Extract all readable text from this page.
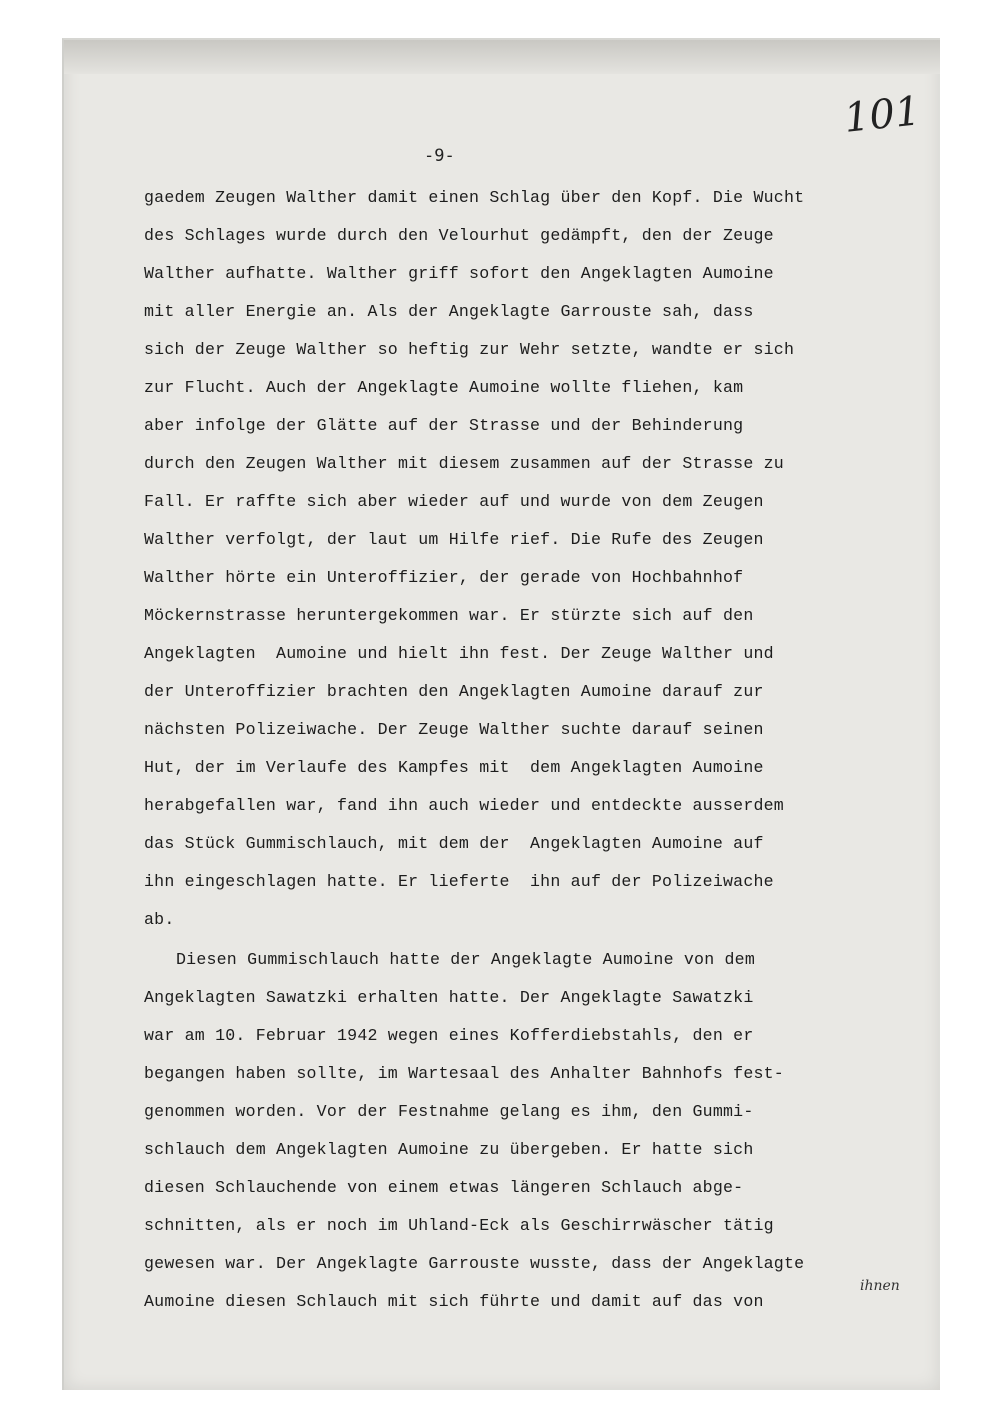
101
-9-
gaedem Zeugen Walther damit einen Schlag über den Kopf. Die Wucht
des Schlages wurde durch den Velourhut gedämpft, den der Zeuge
Walther aufhatte. Walther griff sofort den Angeklagten Aumoine
mit aller Energie an. Als der Angeklagte Garrouste sah, dass
sich der Zeuge Walther so heftig zur Wehr setzte, wandte er sich
zur Flucht. Auch der Angeklagte Aumoine wollte fliehen, kam
aber infolge der Glätte auf der Strasse und der Behinderung
durch den Zeugen Walther mit diesem zusammen auf der Strasse zu
Fall. Er raffte sich aber wieder auf und wurde von dem Zeugen
Walther verfolgt, der laut um Hilfe rief. Die Rufe des Zeugen
Walther hörte ein Unteroffizier, der gerade von Hochbahnhof
Möckernstrasse heruntergekommen war. Er stürzte sich auf den
Angeklagten  Aumoine und hielt ihn fest. Der Zeuge Walther und
der Unteroffizier brachten den Angeklagten Aumoine darauf zur
nächsten Polizeiwache. Der Zeuge Walther suchte darauf seinen
Hut, der im Verlaufe des Kampfes mit  dem Angeklagten Aumoine
herabgefallen war, fand ihn auch wieder und entdeckte ausserdem
das Stück Gummischlauch, mit dem der  Angeklagten Aumoine auf
ihn eingeschlagen hatte. Er lieferte  ihn auf der Polizeiwache
ab.
Diesen Gummischlauch hatte der Angeklagte Aumoine von dem
Angeklagten Sawatzki erhalten hatte. Der Angeklagte Sawatzki
war am 10. Februar 1942 wegen eines Kofferdiebstahls, den er
begangen haben sollte, im Wartesaal des Anhalter Bahnhofs fest-
genommen worden. Vor der Festnahme gelang es ihm, den Gummi-
schlauch dem Angeklagten Aumoine zu übergeben. Er hatte sich
diesen Schlauchende von einem etwas längeren Schlauch abge-
schnitten, als er noch im Uhland-Eck als Geschirrwäscher tätig
gewesen war. Der Angeklagte Garrouste wusste, dass der Angeklagte
Aumoine diesen Schlauch mit sich führte und damit auf das von
ihnen
